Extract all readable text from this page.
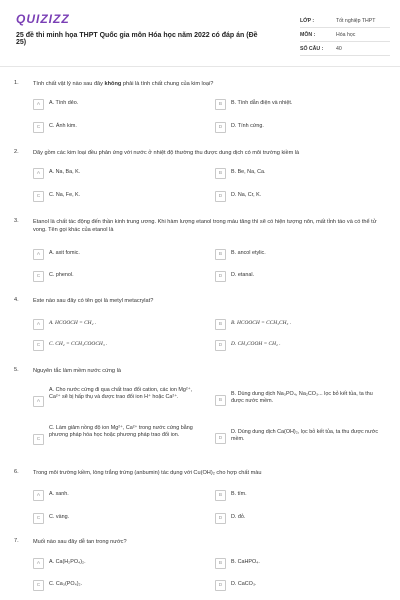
QUIZIZZ
25 đề thi minh họa THPT Quốc gia môn Hóa học năm 2022 có đáp án (Đề 25)
LỚP :	Tốt nghiệp THPT
MÔN :	Hóa học
SỐ CÂU :	40
1.	Tính chất vật lý nào sau đây không phải là tính chất chung của kim loại?
A	A. Tính dẻo.	B	B. Tính dẫn điện và nhiệt.
C	C. Ánh kim.	D	D. Tính cứng.
2.	Dãy gồm các kim loại đều phản ứng với nước ở nhiệt độ thường thu được dung dịch có môi trường kiềm là
A	A. Na, Ba, K.	B	B. Be, Na, Ca.
C	C. Na, Fe, K.	D	D. Na, Cr, K.
3.	Etanol là chất tác động đến thần kinh trung ương. Khi hàm lượng etanol trong máu tăng thì sẽ có hiện tượng nôn, mất tỉnh táo và có thể tử vong. Tên gọi khác của etanol là
A	A. axit fomic.	B	B. ancol etylic.
C	C. phenol.	D	D. etanal.
4.	Este nào sau đây có tên gọi là metyl metacrylat?
A	A. HCOOCH = CH₂ .	B	B. HCOOCH = CCH₃CH₃ .
C	C. CH₂ = CCH₃COOCH₃ .	D	D. CH₃COOH = CH₂ .
5.	Nguyên tắc làm mềm nước cứng là
A
A. Cho nước cứng đi qua chất trao đổi cation, các ion Mg²⁺, Ca²⁺ sẽ bị hấp thụ và được trao đổi ion H⁺ hoặc Ca²⁺.
B
B. Dùng dung dịch Na₃PO₄, Na₂CO₃... lọc bỏ kết tủa, ta thu được nước mềm.
C
C. Làm giảm nồng độ ion Mg²⁺, Ca²⁺ trong nước cứng bằng phương pháp hóa học hoặc phương pháp trao đổi ion.
D
D. Dùng dung dịch Ca(OH)₂, lọc bỏ kết tủa, ta thu được nước mềm.
6.	Trong môi trường kiềm, lòng trắng trứng (anbumin) tác dụng với Cu(OH)₂ cho hợp chất màu
A	A. xanh.	B	B. tím.
C	C. vàng.	D	D. đỏ.
7.	Muối nào sau đây dễ tan trong nước?
A	A. Ca(H₂PO₄)₂.	B	B. CaHPO₄.
C	C. Ca₃(PO₄)₂.	D	D. CaCO₃.
